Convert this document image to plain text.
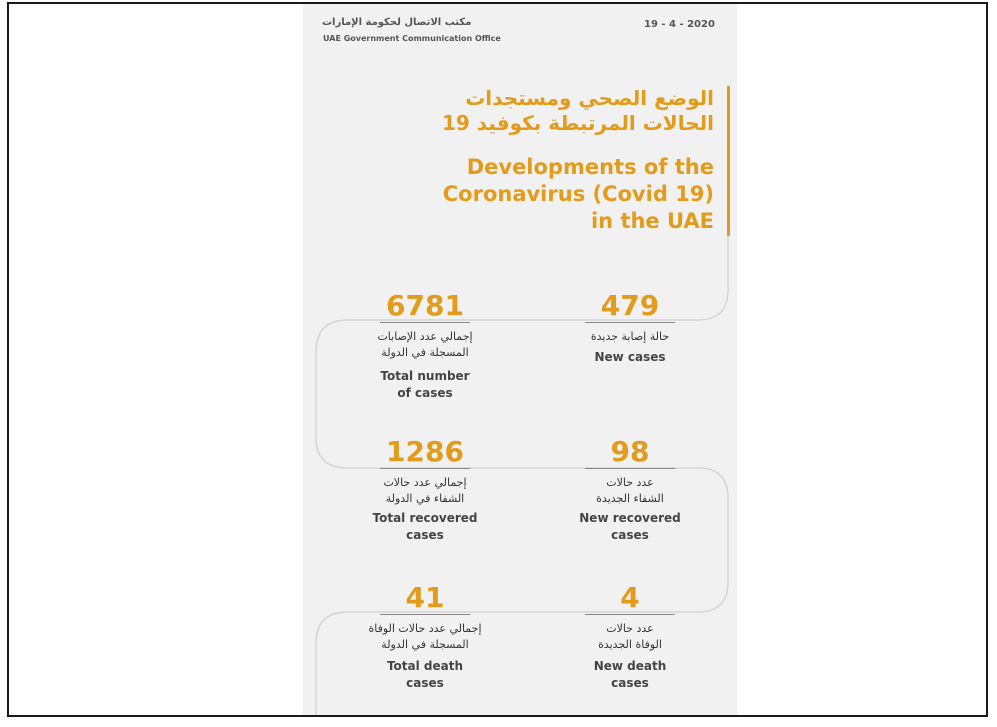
مكتب الاتصال لحكومة الإمارات
UAE Government Communication Office
19 - 4 - 2020
الوضع الصحي ومستجدات
الحالات المرتبطة بكوفيد 19
Developments of the
Coronavirus (Covid 19)
in the UAE
6781
إجمالي عدد الإصابات
المسجلة في الدولة
Total number
of cases
479
حالة إصابة جديدة
New cases
1286
إجمالي عدد حالات
الشفاء في الدولة
Total recovered
cases
98
عدد حالات
الشفاء الجديدة
New recovered
cases
41
إجمالي عدد حالات الوفاة
المسجلة في الدولة
Total death
cases
4
عدد حالات
الوفاة الجديدة
New death
cases
